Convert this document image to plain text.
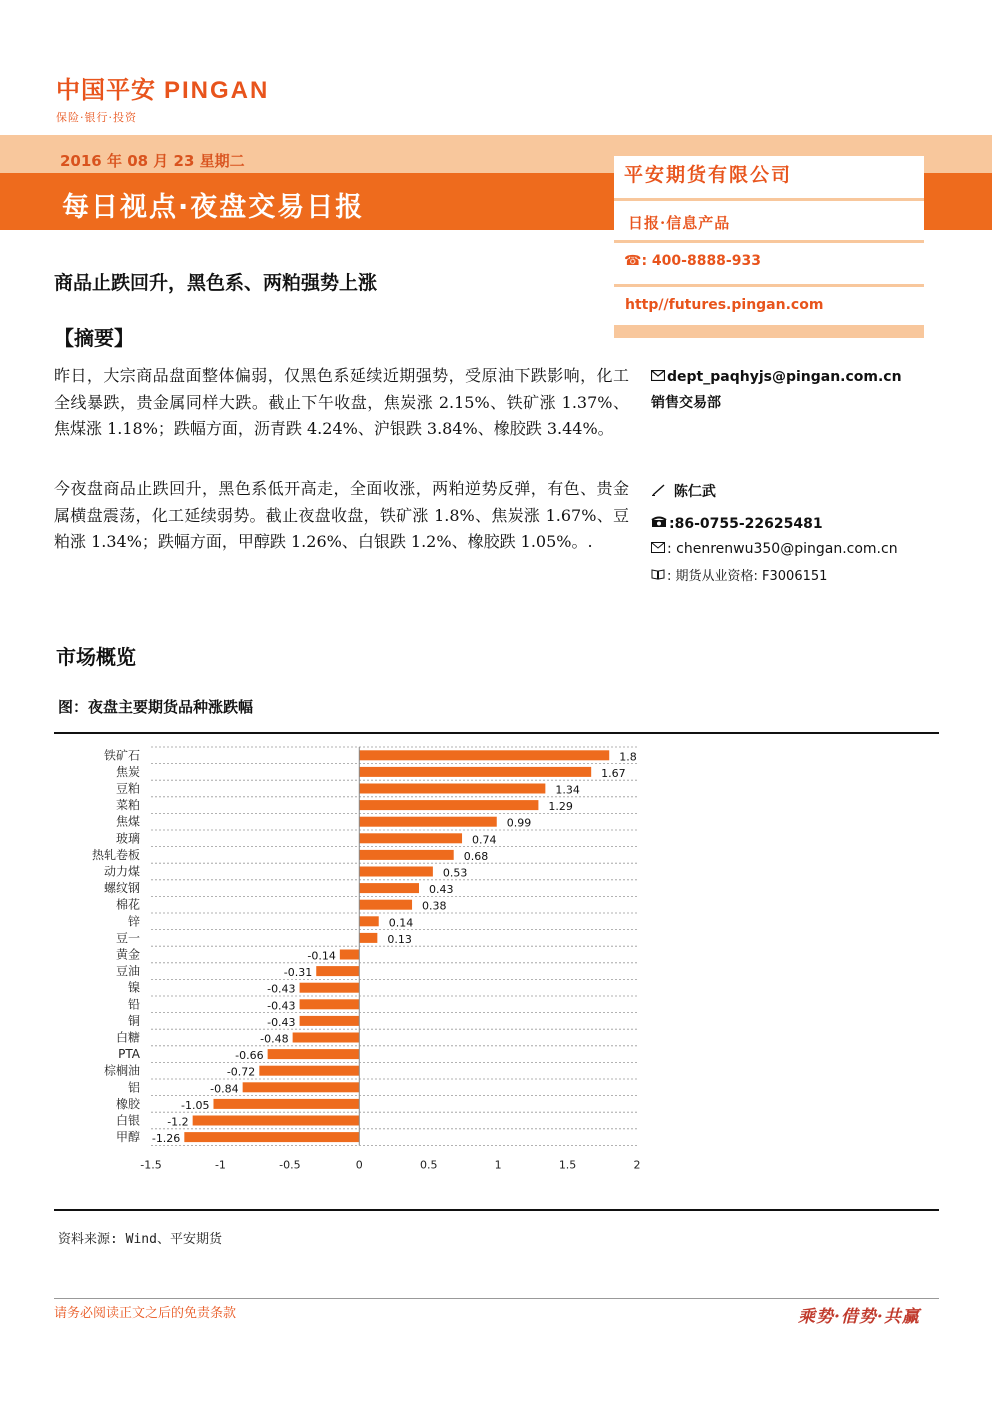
中国平安 PINGAN
保险·银行·投资
2016 年 08 月 23 星期二
每日视点·夜盘交易日报
平安期货有限公司
日报·信息产品
☎: 400-8888-933
http//futures.pingan.com
商品止跌回升，黑色系、两粕强势上涨
【摘要】
昨日，大宗商品盘面整体偏弱，仅黑色系延续近期强势，受原油下跌影响，化工全线暴跌，贵金属同样大跌。截止下午收盘，焦炭涨 2.15%、铁矿涨 1.37%、焦煤涨 1.18%；跌幅方面，沥青跌 4.24%、沪银跌 3.84%、橡胶跌 3.44%。
今夜盘商品止跌回升，黑色系低开高走，全面收涨，两粕逆势反弹，有色、贵金属横盘震荡，化工延续弱势。截止夜盘收盘，铁矿涨 1.8%、焦炭涨 1.67%、豆粕涨 1.34%；跌幅方面，甲醇跌 1.26%、白银跌 1.2%、橡胶跌 1.05%。.
dept_paqhyjs@pingan.com.cn
销售交易部
陈仁武
:86-0755-22625481
: chenrenwu350@pingan.com.cn
: 期货从业资格: F3006151
市场概览
图：夜盘主要期货品种涨跌幅
铁矿石	1.8
焦炭	1.67
豆粕	1.34
菜粕	1.29
焦煤	0.99
玻璃	0.74
热轧卷板	0.68
动力煤	0.53
螺纹钢	0.43
棉花	0.38
锌	0.14
豆一	0.13
黄金	-0.14
豆油	-0.31
镍	-0.43
铅	-0.43
铜	-0.43
白糖	-0.48
PTA	-0.66
棕榈油	-0.72
铝	-0.84
橡胶	-1.05
白银 -1.2
甲醇 -1.26
-1.5	-1	-0.5	0	0.5	1	1.5	2
资料来源: Wind、平安期货
请务必阅读正文之后的免责条款	乘势·借势·共赢
